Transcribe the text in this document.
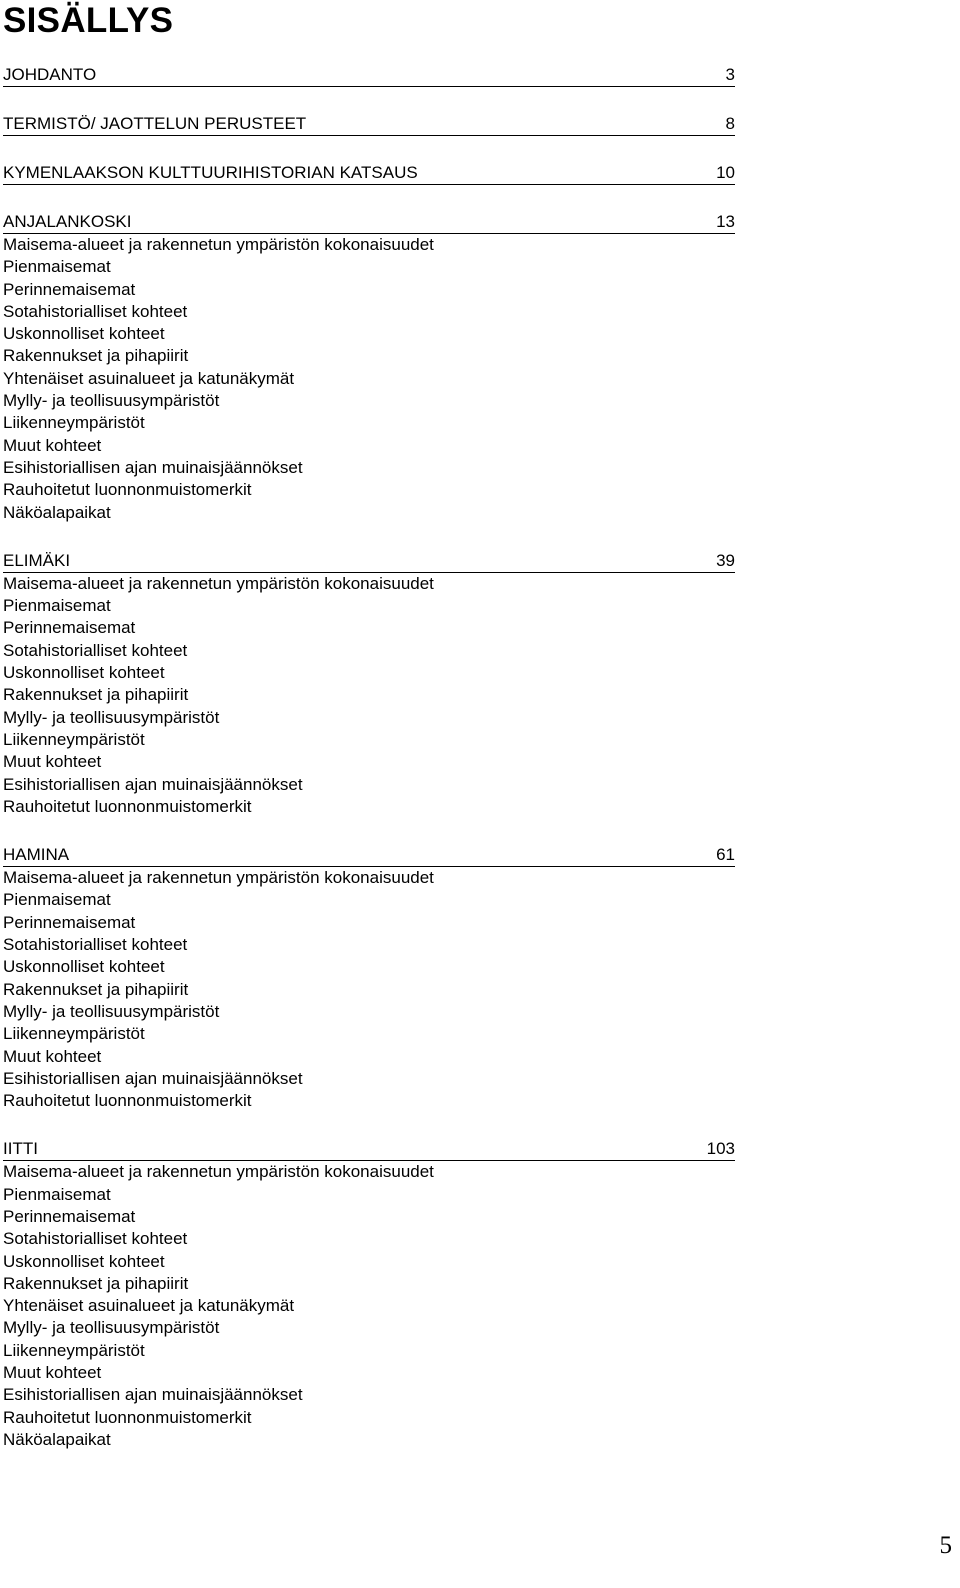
SISÄLLYS
JOHDANTO	3
TERMISTÖ/ JAOTTELUN PERUSTEET	8
KYMENLAAKSON KULTTUURIHISTORIAN KATSAUS	10
ANJALANKOSKI	13
Maisema-alueet ja rakennetun ympäristön kokonaisuudet
Pienmaisemat
Perinnemaisemat
Sotahistorialliset kohteet
Uskonnolliset kohteet
Rakennukset ja pihapiirit
Yhtenäiset asuinalueet ja katunäkymät
Mylly- ja teollisuusympäristöt
Liikenneympäristöt
Muut kohteet
Esihistoriallisen ajan muinaisjäännökset
Rauhoitetut luonnonmuistomerkit
Näköalapaikat
ELIMÄKI	39
Maisema-alueet ja rakennetun ympäristön kokonaisuudet
Pienmaisemat
Perinnemaisemat
Sotahistorialliset kohteet
Uskonnolliset kohteet
Rakennukset ja pihapiirit
Mylly- ja teollisuusympäristöt
Liikenneympäristöt
Muut kohteet
Esihistoriallisen ajan muinaisjäännökset
Rauhoitetut luonnonmuistomerkit
HAMINA	61
Maisema-alueet ja rakennetun ympäristön kokonaisuudet
Pienmaisemat
Perinnemaisemat
Sotahistorialliset kohteet
Uskonnolliset kohteet
Rakennukset ja pihapiirit
Mylly- ja teollisuusympäristöt
Liikenneympäristöt
Muut kohteet
Esihistoriallisen ajan muinaisjäännökset
Rauhoitetut luonnonmuistomerkit
IITTI	103
Maisema-alueet ja rakennetun ympäristön kokonaisuudet
Pienmaisemat
Perinnemaisemat
Sotahistorialliset kohteet
Uskonnolliset kohteet
Rakennukset ja pihapiirit
Yhtenäiset asuinalueet ja katunäkymät
Mylly- ja teollisuusympäristöt
Liikenneympäristöt
Muut kohteet
Esihistoriallisen ajan muinaisjäännökset
Rauhoitetut luonnonmuistomerkit
Näköalapaikat
5
